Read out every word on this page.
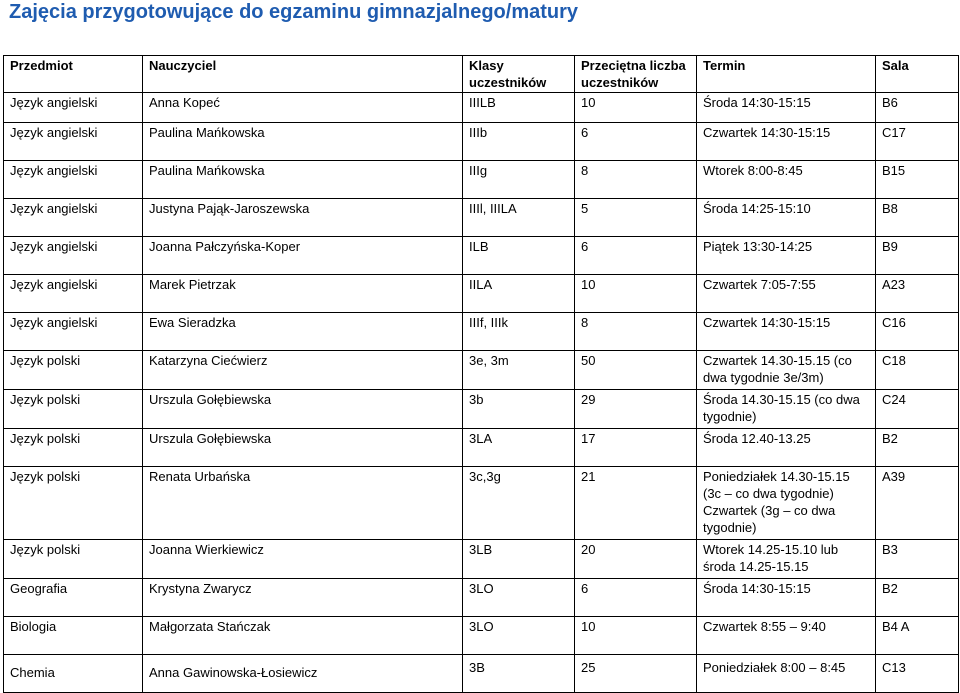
Zajęcia przygotowujące do egzaminu gimnazjalnego/matury
Przedmiot	Nauczyciel	Klasy uczestników	Przeciętna liczba uczestników	Termin	Sala
Język angielski	Anna Kopeć	IIILB	10	Środa 14:30-15:15	B6
Język angielski	Paulina Mańkowska	IIIb	6	Czwartek 14:30-15:15	C17
Język angielski	Paulina Mańkowska	IIIg	8	Wtorek 8:00-8:45	B15
Język angielski	Justyna Pająk-Jaroszewska	IIIl, IIILA	5	Środa 14:25-15:10	B8
Język angielski	Joanna Pałczyńska-Koper	ILB	6	Piątek 13:30-14:25	B9
Język angielski	Marek Pietrzak	IILA	10	Czwartek 7:05-7:55	A23
Język angielski	Ewa Sieradzka	IIIf, IIIk	8	Czwartek 14:30-15:15	C16
Język polski	Katarzyna Ciećwierz	3e, 3m	50	Czwartek 14.30-15.15 (co dwa tygodnie 3e/3m)	C18
Język polski	Urszula Gołębiewska	3b	29	Środa 14.30-15.15 (co dwa tygodnie)	C24
Język polski	Urszula Gołębiewska	3LA	17	Środa 12.40-13.25	B2
Język polski	Renata Urbańska	3c,3g	21	Poniedziałek 14.30-15.15 (3c – co dwa tygodnie) Czwartek (3g – co dwa tygodnie)	A39
Język polski	Joanna Wierkiewicz	3LB	20	Wtorek 14.25-15.10 lub środa 14.25-15.15	B3
Geografia	Krystyna Zwarycz	3LO	6	Środa 14:30-15:15	B2
Biologia	Małgorzata Stańczak	3LO	10	Czwartek 8:55 – 9:40	B4 A
Chemia	Anna Gawinowska-Łosiewicz	3B	25	Poniedziałek 8:00 – 8:45	C13
